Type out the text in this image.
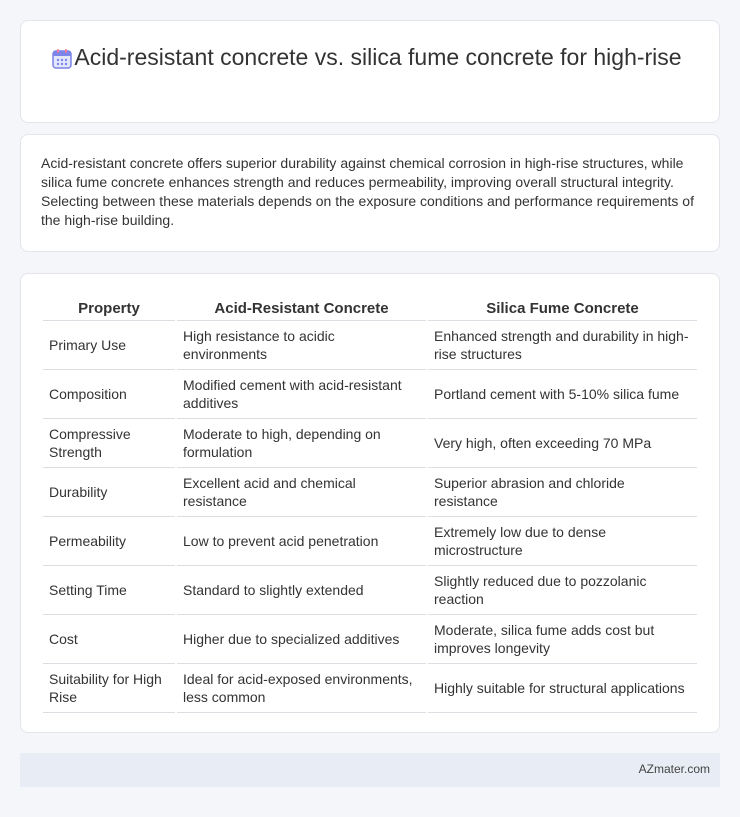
Acid-resistant concrete vs. silica fume concrete for high-rise

Acid-resistant concrete offers superior durability against chemical corrosion in high-rise structures, while silica fume concrete enhances strength and reduces permeability, improving overall structural integrity. Selecting between these materials depends on the exposure conditions and performance requirements of the high-rise building.

Property	Acid-Resistant Concrete	Silica Fume Concrete
Primary Use	High resistance to acidic environments	Enhanced strength and durability in high-rise structures
Composition	Modified cement with acid-resistant additives	Portland cement with 5-10% silica fume
Compressive Strength	Moderate to high, depending on formulation	Very high, often exceeding 70 MPa
Durability	Excellent acid and chemical resistance	Superior abrasion and chloride resistance
Permeability	Low to prevent acid penetration	Extremely low due to dense microstructure
Setting Time	Standard to slightly extended	Slightly reduced due to pozzolanic reaction
Cost	Higher due to specialized additives	Moderate, silica fume adds cost but improves longevity
Suitability for High Rise	Ideal for acid-exposed environments, less common	Highly suitable for structural applications
AZmater.com
